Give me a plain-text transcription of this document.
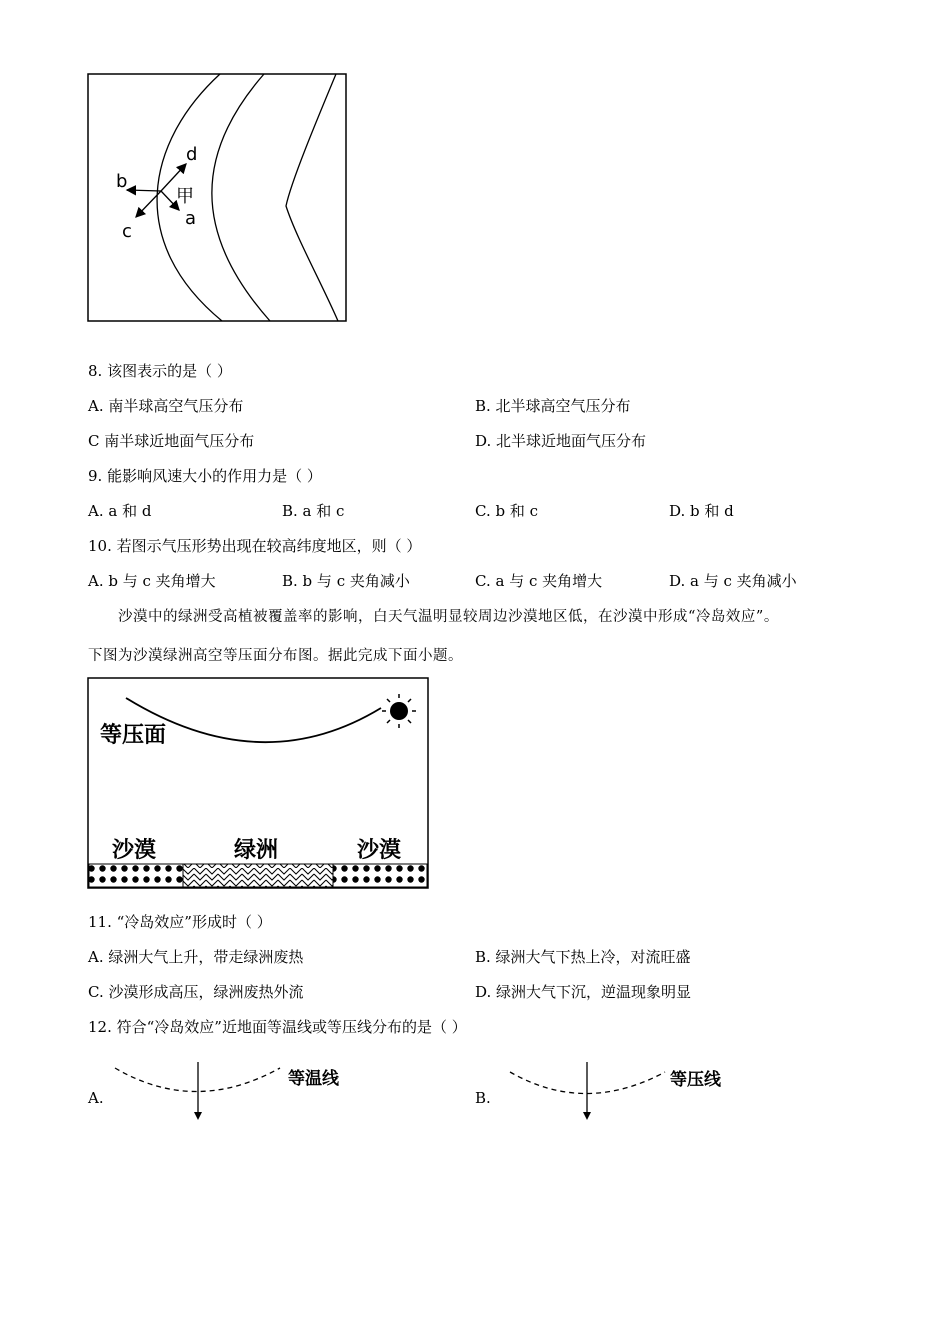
d
b
c
a
甲
8. 该图表示的是（ ）
A. 南半球高空气压分布	B. 北半球高空气压分布
C 南半球近地面气压分布	D. 北半球近地面气压分布
9. 能影响风速大小的作用力是（ ）
A. a 和 d	B. a 和 c	C. b 和 c	D. b 和 d
10. 若图示气压形势出现在较高纬度地区，则（ ）
A. b 与 c 夹角增大	B. b 与 c 夹角减小	C. a 与 c 夹角增大	D. a 与 c 夹角减小
沙漠中的绿洲受高植被覆盖率的影响，白天气温明显较周边沙漠地区低，在沙漠中形成“冷岛效应”。
下图为沙漠绿洲高空等压面分布图。据此完成下面小题。
等压面
沙漠	绿洲	沙漠
11. “冷岛效应”形成时（ ）
A. 绿洲大气上升，带走绿洲废热	B. 绿洲大气下热上冷，对流旺盛
C. 沙漠形成高压，绿洲废热外流	D. 绿洲大气下沉，逆温现象明显
12. 符合“冷岛效应”近地面等温线或等压线分布的是（ ）
A.
等温线
B.
等压线
